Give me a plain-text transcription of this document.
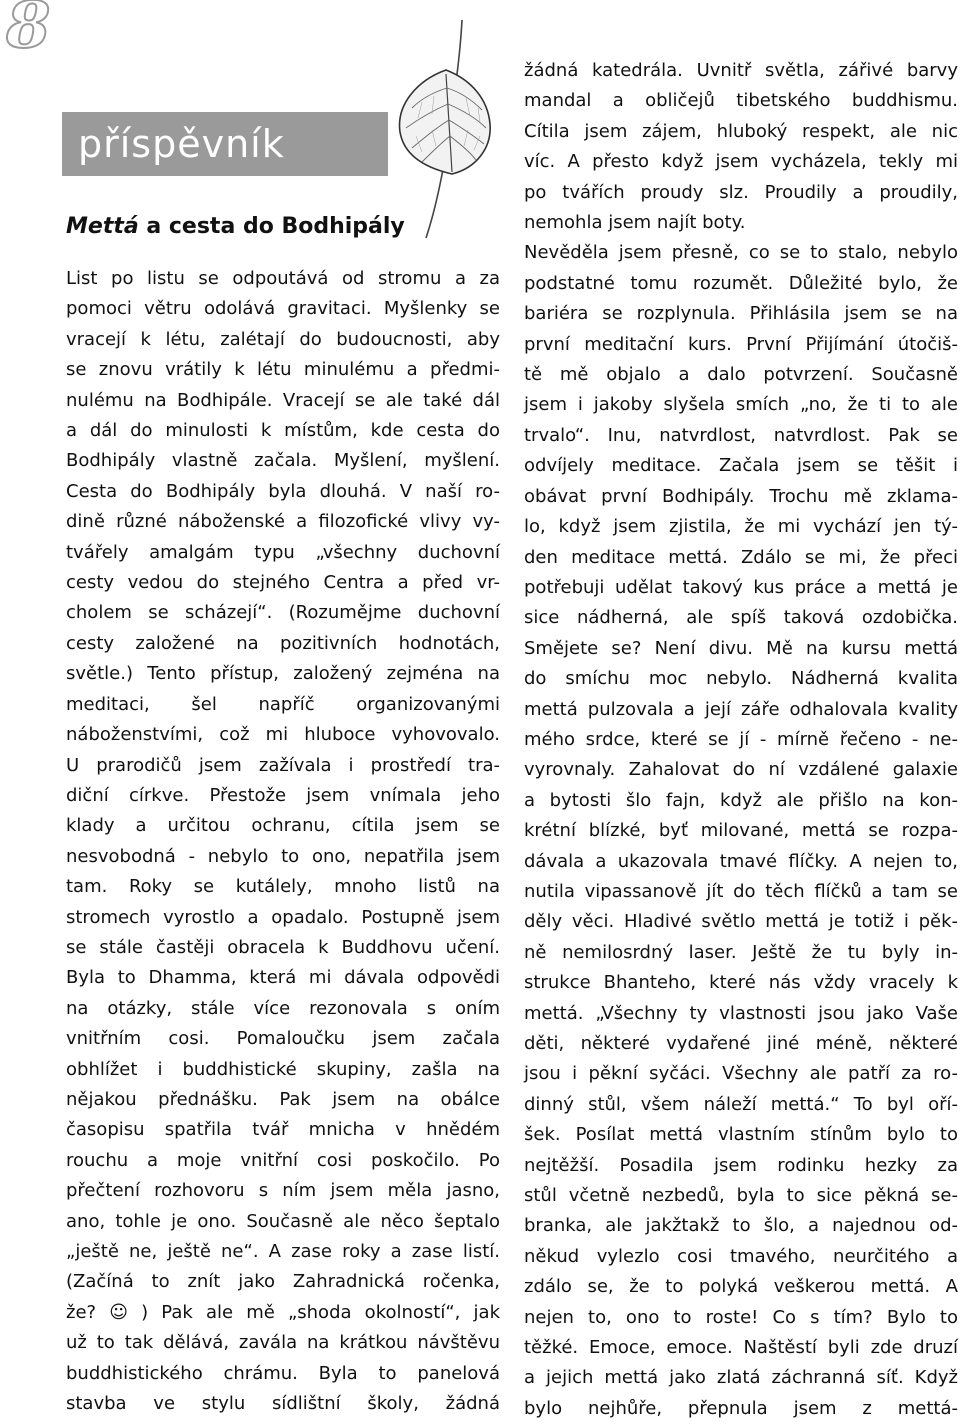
8
příspěvník
Mettá a cesta do Bodhipály

List po listu se odpoutává od stromu a za

pomoci větru odolává gravitaci. Myšlenky se

vracejí k létu, zalétají do budoucnosti, aby

se znovu vrátily k létu minulému a předmi-

nulému na Bodhipále. Vracejí se ale také dál

a dál do minulosti k místům, kde cesta do

Bodhipály vlastně začala. Myšlení, myšlení.

Cesta do Bodhipály byla dlouhá. V naší ro-

dině různé náboženské a filozofické vlivy vy-

tvářely amalgám typu „všechny duchovní

cesty vedou do stejného Centra a před vr-

cholem se scházejí“. (Rozumějme duchovní

cesty založené na pozitivních hodnotách,

světle.) Tento přístup, založený zejména na

meditaci, šel napříč organizovanými

náboženstvími, což mi hluboce vyhovovalo.

U prarodičů jsem zažívala i prostředí tra-

diční církve. Přestože jsem vnímala jeho

klady a určitou ochranu, cítila jsem se

nesvobodná - nebylo to ono, nepatřila jsem

tam. Roky se kutálely, mnoho listů na

stromech vyrostlo a opadalo. Postupně jsem

se stále častěji obracela k Buddhovu učení.

Byla to Dhamma, která mi dávala odpovědi

na otázky, stále více rezonovala s oním

vnitřním cosi. Pomaloučku jsem začala

obhlížet i buddhistické skupiny, zašla na

nějakou přednášku. Pak jsem na obálce

časopisu spatřila tvář mnicha v hnědém

rouchu a moje vnitřní cosi poskočilo. Po

přečtení rozhovoru s ním jsem měla jasno,

ano, tohle je ono. Současně ale něco šeptalo

„ještě ne, ještě ne“. A zase roky a zase listí.

(Začíná to znít jako Zahradnická ročenka,

že? ☺ ) Pak ale mě „shoda okolností“, jak

už to tak dělává, zavála na krátkou návštěvu

buddhistického chrámu. Byla to panelová

stavba ve stylu sídlištní školy, žádná

žádná katedrála. Uvnitř světla, zářivé barvy

mandal a obličejů tibetského buddhismu.

Cítila jsem zájem, hluboký respekt, ale nic

víc. A přesto když jsem vycházela, tekly mi

po tvářích proudy slz. Proudily a proudily,

nemohla jsem najít boty.

Nevěděla jsem přesně, co se to stalo, nebylo

podstatné tomu rozumět. Důležité bylo, že

bariéra se rozplynula. Přihlásila jsem se na

první meditační kurs. První Přijímání útočiš-

tě mě objalo a dalo potvrzení. Současně

jsem i jakoby slyšela smích „no, že ti to ale

trvalo“. Inu, natvrdlost, natvrdlost. Pak se

odvíjely meditace. Začala jsem se těšit i

obávat první Bodhipály. Trochu mě zklama-

lo, když jsem zjistila, že mi vychází jen tý-

den meditace mettá. Zdálo se mi, že přeci

potřebuji udělat takový kus práce a mettá je

sice nádherná, ale spíš taková ozdobička.

Smějete se? Není divu. Mě na kursu mettá

do smíchu moc nebylo. Nádherná kvalita

mettá pulzovala a její záře odhalovala kvality

mého srdce, které se jí - mírně řečeno - ne-

vyrovnaly. Zahalovat do ní vzdálené galaxie

a bytosti šlo fajn, když ale přišlo na kon-

krétní blízké, byť milované, mettá se rozpa-

dávala a ukazovala tmavé flíčky. A nejen to,

nutila vipassanově jít do těch flíčků a tam se

děly věci. Hladivé světlo mettá je totiž i pěk-

ně nemilosrdný laser. Ještě že tu byly in-

strukce Bhanteho, které nás vždy vracely k

mettá. „Všechny ty vlastnosti jsou jako Vaše

děti, některé vydařené jiné méně, některé

jsou i pěkní syčáci. Všechny ale patří za ro-

dinný stůl, všem náleží mettá.“ To byl oří-

šek. Posílat mettá vlastním stínům bylo to

nejtěžší. Posadila jsem rodinku hezky za

stůl včetně nezbedů, byla to sice pěkná se-

branka, ale jakžtakž to šlo, a najednou od-

někud vylezlo cosi tmavého, neurčitého a

zdálo se, že to polyká veškerou mettá. A

nejen to, ono to roste! Co s tím? Bylo to

těžké. Emoce, emoce. Naštěstí byli zde druzí

a jejich mettá jako zlatá záchranná síť. Když

bylo nejhůře, přepnula jsem z mettá-
